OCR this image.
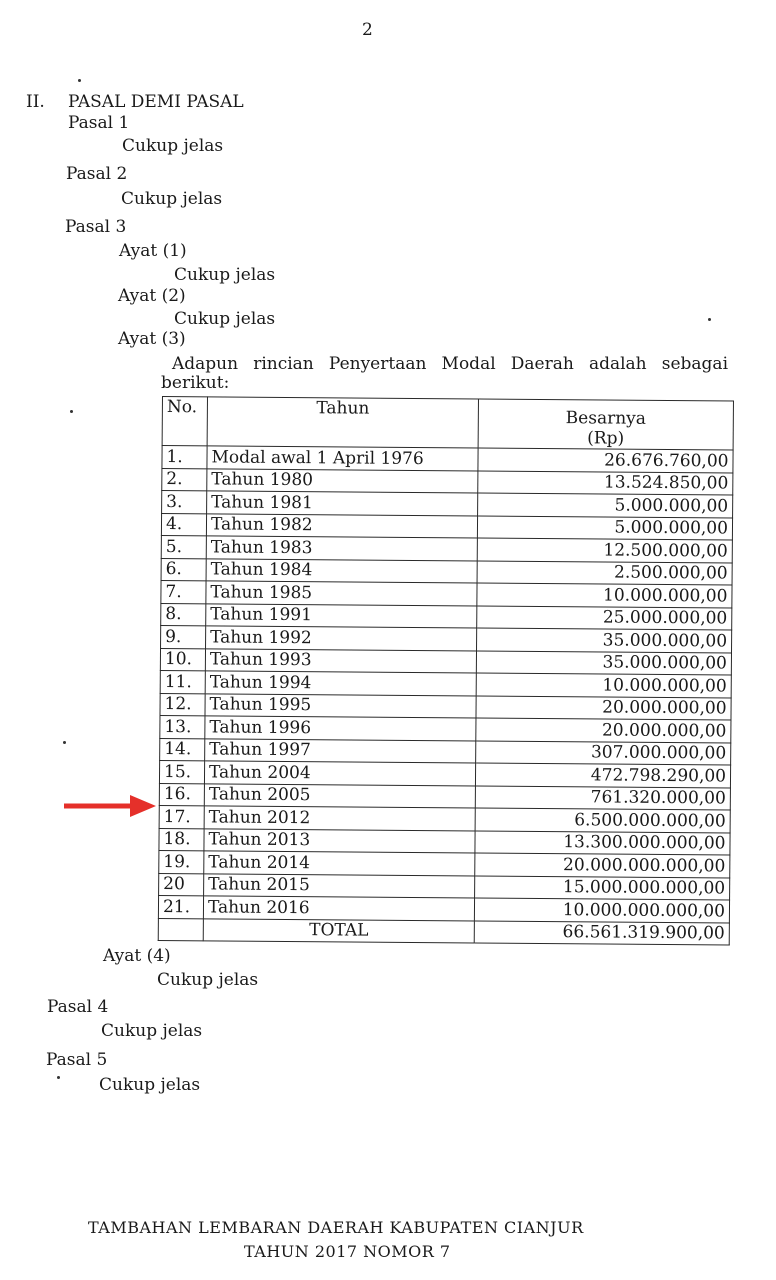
2
II. PASAL DEMI PASAL
Pasal 1
Cukup jelas
Pasal 2
Cukup jelas
Pasal 3
Ayat (1)
Cukup jelas
Ayat (2)
Cukup jelas
Ayat (3)
Adapun rincian Penyertaan Modal Daerah adalah sebagai
berikut:
No.	Tahun	Besarnya
(Rp)

1.	Modal awal 1 April 1976	26.676.760,00
2.	Tahun 1980	13.524.850,00
3.	Tahun 1981	5.000.000,00
4.	Tahun 1982	5.000.000,00
5.	Tahun 1983	12.500.000,00
6.	Tahun 1984	2.500.000,00
7.	Tahun 1985	10.000.000,00
8.	Tahun 1991	25.000.000,00
9.	Tahun 1992	35.000.000,00
10.	Tahun 1993	35.000.000,00
11.	Tahun 1994	10.000.000,00
12.	Tahun 1995	20.000.000,00
13.	Tahun 1996	20.000.000,00
14.	Tahun 1997	307.000.000,00
15.	Tahun 2004	472.798.290,00
16.	Tahun 2005	761.320.000,00
17.	Tahun 2012	6.500.000.000,00
18.	Tahun 2013	13.300.000.000,00
19.	Tahun 2014	20.000.000.000,00
20	Tahun 2015	15.000.000.000,00
21.	Tahun 2016	10.000.000.000,00
	TOTAL	66.561.319.900,00
Ayat (4)
Cukup jelas
Pasal 4
Cukup jelas
Pasal 5
Cukup jelas
TAMBAHAN LEMBARAN DAERAH KABUPATEN CIANJUR
TAHUN 2017 NOMOR 7
